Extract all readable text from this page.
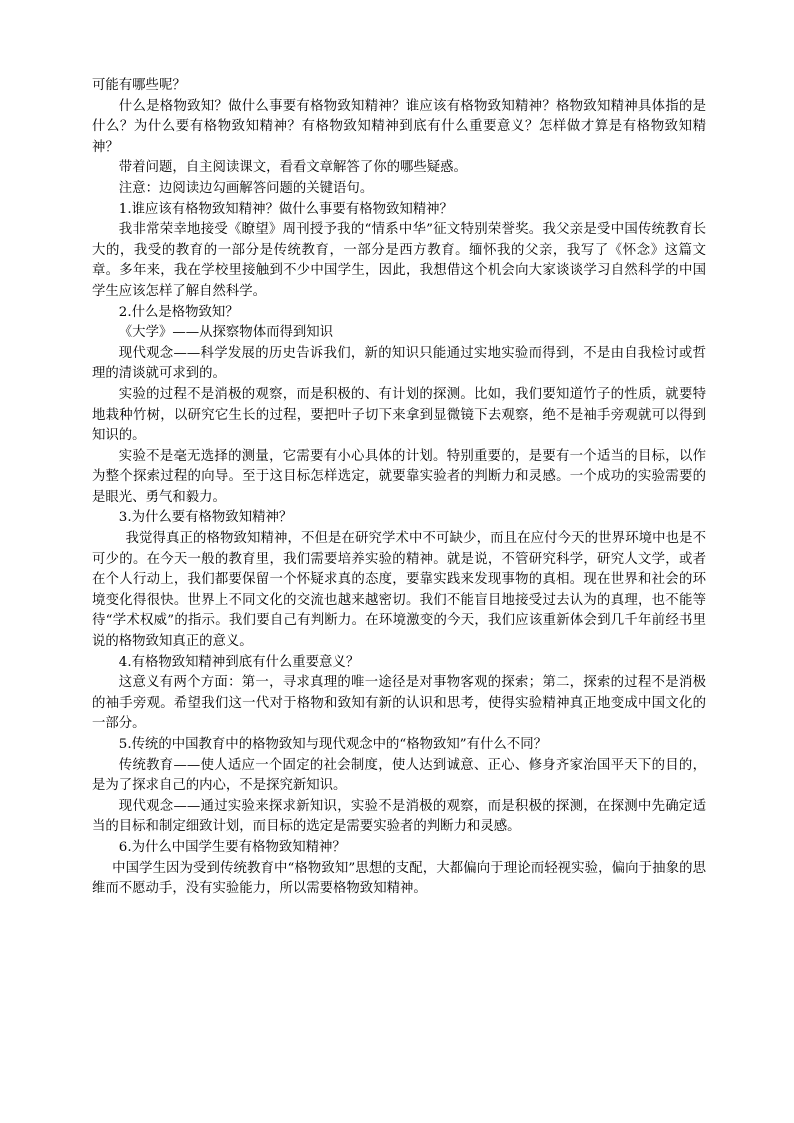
可能有哪些呢？

什么是格物致知？做什么事要有格物致知精神？谁应该有格物致知精神？格物致知精神具体指的是什么？为什么要有格物致知精神？有格物致知精神到底有什么重要意义？怎样做才算是有格物致知精神？

带着问题，自主阅读课文，看看文章解答了你的哪些疑惑。

注意：边阅读边勾画解答问题的关键语句。

1.谁应该有格物致知精神？做什么事要有格物致知精神？

我非常荣幸地接受《瞭望》周刊授予我的“情系中华”征文特别荣誉奖。我父亲是受中国传统教育长大的，我受的教育的一部分是传统教育，一部分是西方教育。缅怀我的父亲，我写了《怀念》这篇文章。多年来，我在学校里接触到不少中国学生，因此，我想借这个机会向大家谈谈学习自然科学的中国学生应该怎样了解自然科学。

2.什么是格物致知？

《大学》——从探察物体而得到知识

现代观念——科学发展的历史告诉我们，新的知识只能通过实地实验而得到，不是由自我检讨或哲理的清谈就可求到的。

实验的过程不是消极的观察，而是积极的、有计划的探测。比如，我们要知道竹子的性质，就要特地栽种竹树，以研究它生长的过程，要把叶子切下来拿到显微镜下去观察，绝不是袖手旁观就可以得到知识的。

实验不是毫无选择的测量，它需要有小心具体的计划。特别重要的，是要有一个适当的目标，以作为整个探索过程的向导。至于这目标怎样选定，就要靠实验者的判断力和灵感。一个成功的实验需要的是眼光、勇气和毅力。

3.为什么要有格物致知精神？

我觉得真正的格物致知精神，不但是在研究学术中不可缺少，而且在应付今天的世界环境中也是不可少的。在今天一般的教育里，我们需要培养实验的精神。就是说，不管研究科学，研究人文学，或者在个人行动上，我们都要保留一个怀疑求真的态度，要靠实践来发现事物的真相。现在世界和社会的环境变化得很快。世界上不同文化的交流也越来越密切。我们不能盲目地接受过去认为的真理，也不能等待“学术权威”的指示。我们要自己有判断力。在环境激变的今天，我们应该重新体会到几千年前经书里说的格物致知真正的意义。

4.有格物致知精神到底有什么重要意义？

这意义有两个方面：第一，寻求真理的唯一途径是对事物客观的探索；第二，探索的过程不是消极的袖手旁观。希望我们这一代对于格物和致知有新的认识和思考，使得实验精神真正地变成中国文化的一部分。

5.传统的中国教育中的格物致知与现代观念中的“格物致知”有什么不同？

传统教育——使人适应一个固定的社会制度，使人达到诚意、正心、修身齐家治国平天下的目的，是为了探求自己的内心，不是探究新知识。

现代观念——通过实验来探求新知识，实验不是消极的观察，而是积极的探测，在探测中先确定适当的目标和制定细致计划，而目标的选定是需要实验者的判断力和灵感。

6.为什么中国学生要有格物致知精神？

中国学生因为受到传统教育中“格物致知”思想的支配，大都偏向于理论而轻视实验，偏向于抽象的思维而不愿动手，没有实验能力，所以需要格物致知精神。
